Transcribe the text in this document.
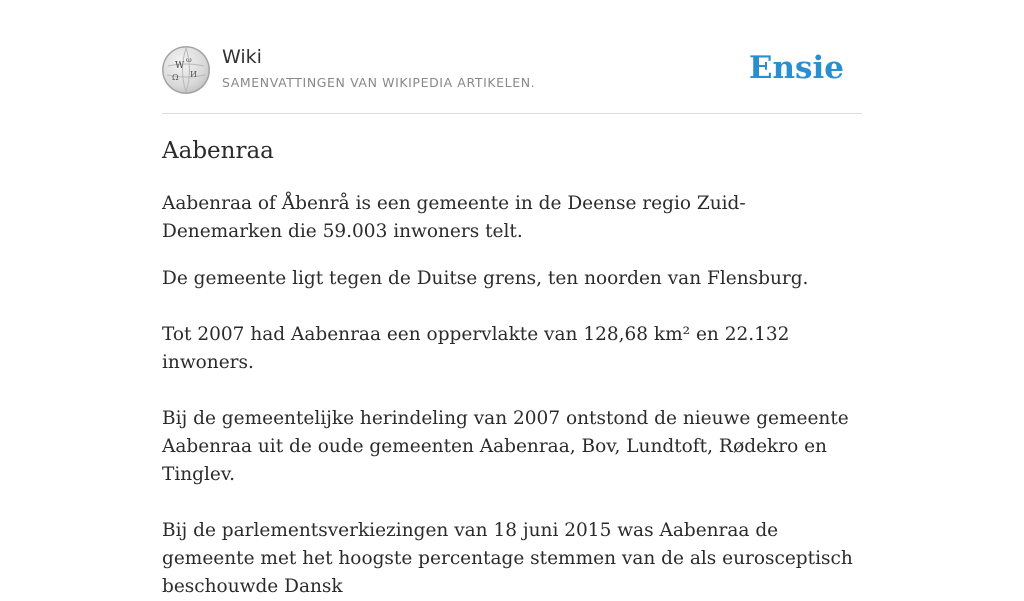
W
ω
Ω И
Wiki
SAMENVATTINGEN VAN WIKIPEDIA ARTIKELEN.	Ensie
Aabenraa

Aabenraa of Åbenrå is een gemeente in de Deense regio Zuid-Denemarken die 59.003 inwoners telt.

De gemeente ligt tegen de Duitse grens, ten noorden van Flensburg.

Tot 2007 had Aabenraa een oppervlakte van 128,68 km² en 22.132 inwoners.

Bij de gemeentelijke herindeling van 2007 ontstond de nieuwe gemeente Aabenraa uit de oude gemeenten Aabenraa, Bov, Lundtoft, Rødekro en Tinglev.

Bij de parlementsverkiezingen van 18 juni 2015 was Aabenraa de gemeente met het hoogste percentage stemmen van de als eurosceptisch beschouwde Dansk
